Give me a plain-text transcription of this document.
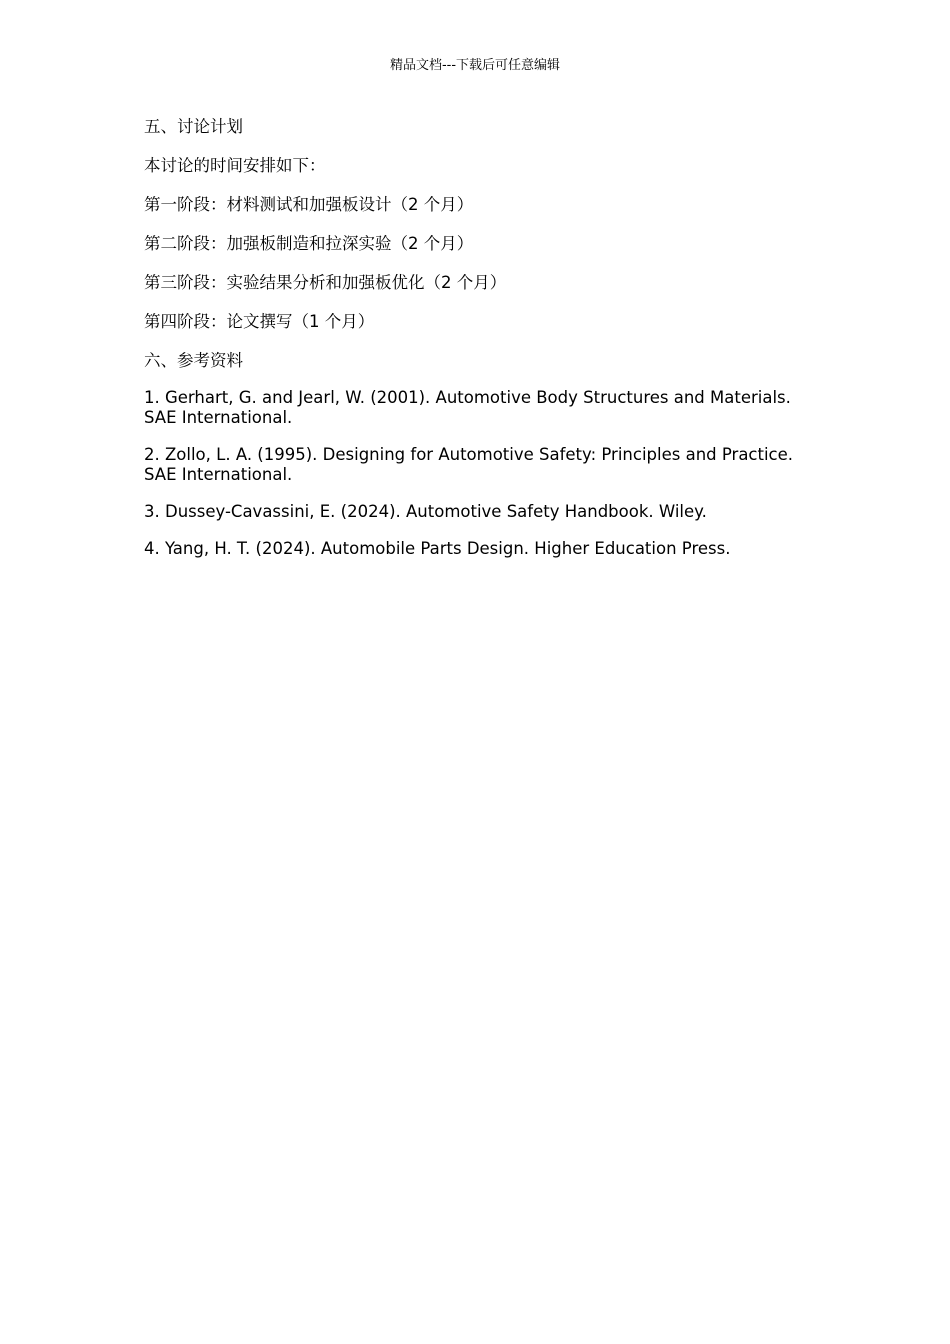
精品文档---下载后可任意编辑

五、讨论计划

本讨论的时间安排如下：

第一阶段：材料测试和加强板设计（2 个月）

第二阶段：加强板制造和拉深实验（2 个月）

第三阶段：实验结果分析和加强板优化（2 个月）

第四阶段：论文撰写（1 个月）

六、参考资料

1. Gerhart, G. and Jearl, W. (2001). Automotive Body Structures and Materials. SAE International.

2. Zollo, L. A. (1995). Designing for Automotive Safety: Principles and Practice. SAE International.

3. Dussey-Cavassini, E. (2024). Automotive Safety Handbook. Wiley.

4. Yang, H. T. (2024). Automobile Parts Design. Higher Education Press.
